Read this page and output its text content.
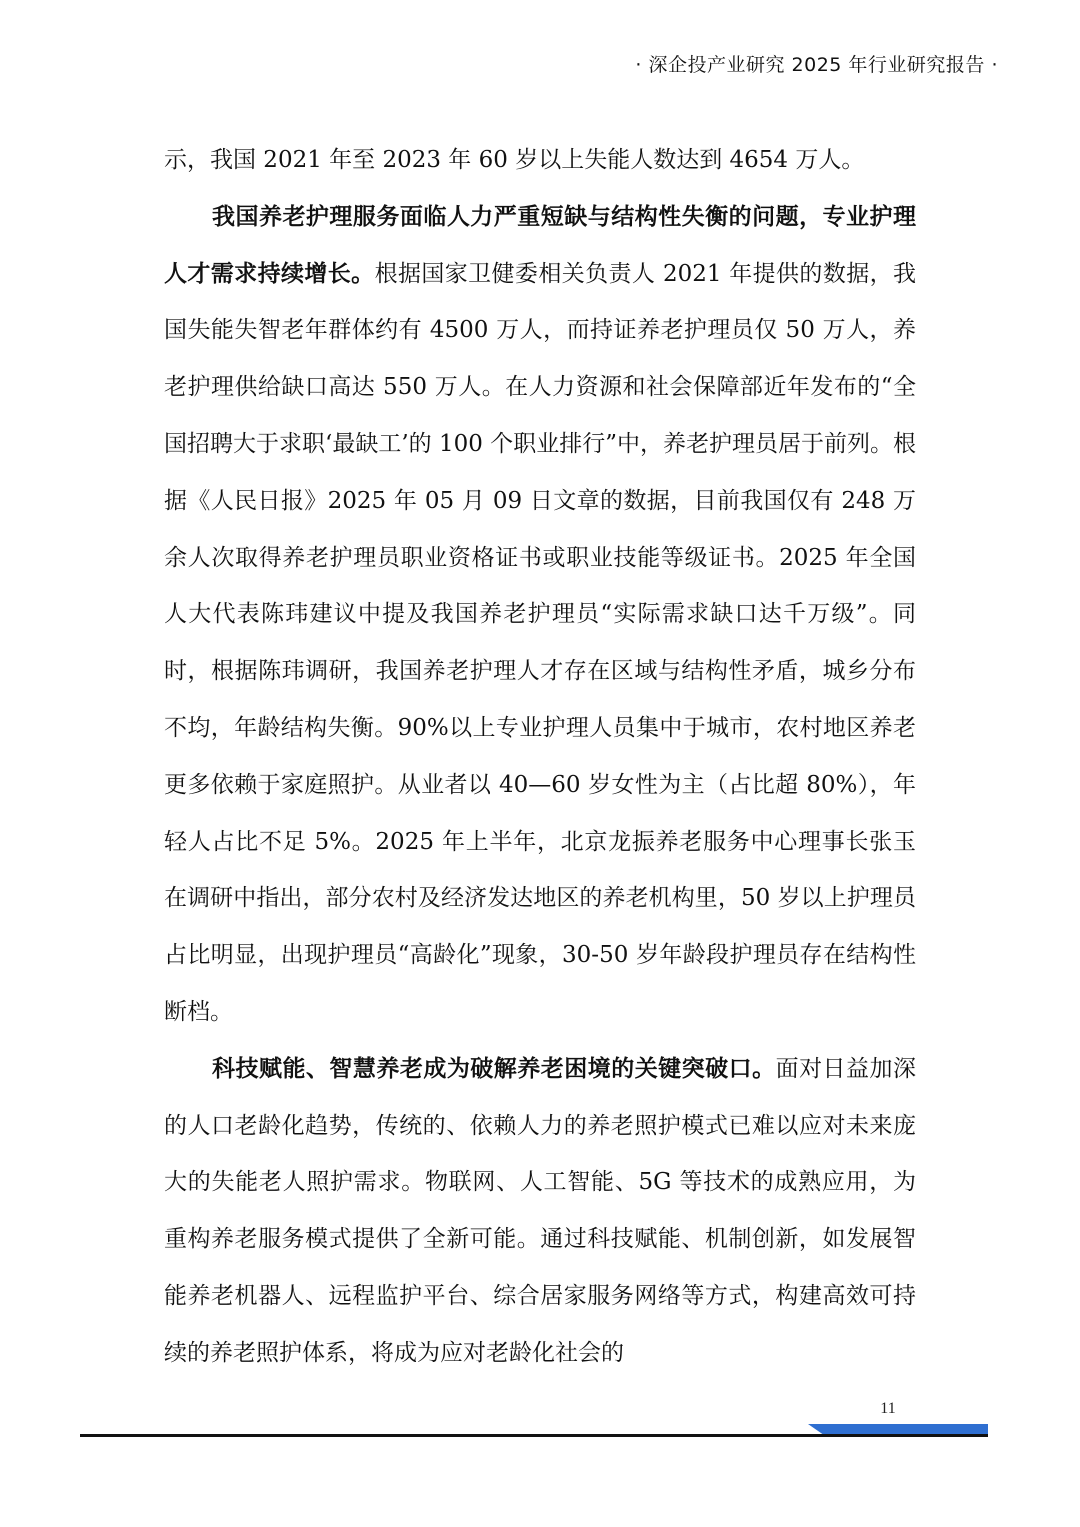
· 深企投产业研究 2025 年行业研究报告 ·

示，我国 2021 年至 2023 年 60 岁以上失能人数达到 4654 万人。

我国养老护理服务面临人力严重短缺与结构性失衡的问题，专业护理人才需求持续增长。根据国家卫健委相关负责人 2021 年提供的数据，我国失能失智老年群体约有 4500 万人，而持证养老护理员仅 50 万人，养老护理供给缺口高达 550 万人。在人力资源和社会保障部近年发布的“全国招聘大于求职‘最缺工’的 100 个职业排行”中，养老护理员居于前列。根据《人民日报》2025 年 05 月 09 日文章的数据，目前我国仅有 248 万余人次取得养老护理员职业资格证书或职业技能等级证书。2025 年全国人大代表陈玮建议中提及我国养老护理员“实际需求缺口达千万级”。同时，根据陈玮调研，我国养老护理人才存在区域与结构性矛盾，城乡分布不均，年龄结构失衡。90%以上专业护理人员集中于城市，农村地区养老更多依赖于家庭照护。从业者以 40—60 岁女性为主（占比超 80%），年轻人占比不足 5%。2025 年上半年，北京龙振养老服务中心理事长张玉在调研中指出，部分农村及经济发达地区的养老机构里，50 岁以上护理员占比明显，出现护理员“高龄化”现象，30-50 岁年龄段护理员存在结构性断档。

科技赋能、智慧养老成为破解养老困境的关键突破口。面对日益加深的人口老龄化趋势，传统的、依赖人力的养老照护模式已难以应对未来庞大的失能老人照护需求。物联网、人工智能、5G 等技术的成熟应用，为重构养老服务模式提供了全新可能。通过科技赋能、机制创新，如发展智能养老机器人、远程监护平台、综合居家服务网络等方式，构建高效可持续的养老照护体系，将成为应对老龄化社会的

11
